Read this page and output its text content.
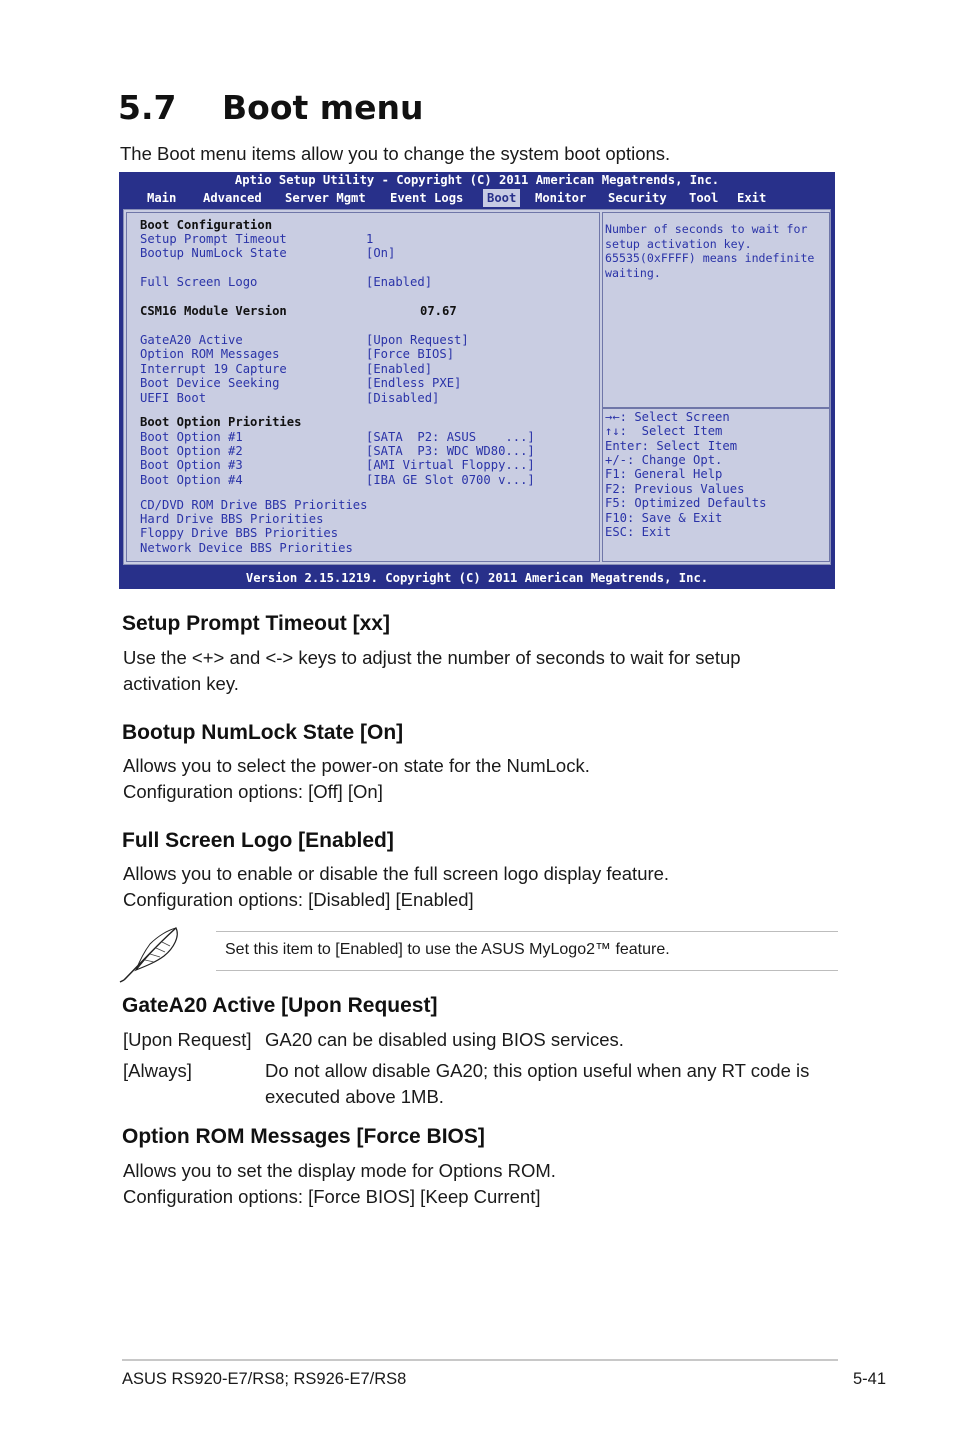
5.7 Boot menu
The Boot menu items allow you to change the system boot options.
Aptio Setup Utility - Copyright (C) 2011 American Megatrends, Inc.
Main Advanced Server Mgmt Event Logs	Boot	Monitor Security Tool Exit
Boot Configuration
Setup Prompt Timeout	1
Bootup NumLock State	[On]
Full Screen Logo	[Enabled]
CSM16 Module Version	07.67
GateA20 Active	[Upon Request]
Option ROM Messages	[Force BIOS]
Interrupt 19 Capture	[Enabled]
Boot Device Seeking	[Endless PXE]
UEFI Boot	[Disabled]
Boot Option Priorities
Boot Option #1	[SATA  P2: ASUS    ...]
Boot Option #2	[SATA  P3: WDC WD80...]
Boot Option #3	[AMI Virtual Floppy...]
Boot Option #4	[IBA GE Slot 0700 v...]
CD/DVD ROM Drive BBS Priorities
Hard Drive BBS Priorities
Floppy Drive BBS Priorities
Network Device BBS Priorities
Number of seconds to wait for
setup activation key.
65535(0xFFFF) means indefinite
waiting.
→←: Select Screen
↑↓:  Select Item
Enter: Select Item
+/-: Change Opt.
F1: General Help
F2: Previous Values
F5: Optimized Defaults
F10: Save & Exit
ESC: Exit
Version 2.15.1219. Copyright (C) 2011 American Megatrends, Inc.
Setup Prompt Timeout [xx]
Use the <+> and <-> keys to adjust the number of seconds to wait for setup
activation key.
Bootup NumLock State [On]
Allows you to select the power-on state for the NumLock.
Configuration options: [Off] [On]
Full Screen Logo [Enabled]
Allows you to enable or disable the full screen logo display feature.
Configuration options: [Disabled] [Enabled]
Set this item to [Enabled] to use the ASUS MyLogo2™ feature.
GateA20 Active [Upon Request]
[Upon Request] GA20 can be disabled using BIOS services.
[Always]	Do not allow disable GA20; this option useful when any RT code is
executed above 1MB.
Option ROM Messages [Force BIOS]
Allows you to set the display mode for Options ROM.
Configuration options: [Force BIOS] [Keep Current]
ASUS RS920-E7/RS8; RS926-E7/RS8	5-41
